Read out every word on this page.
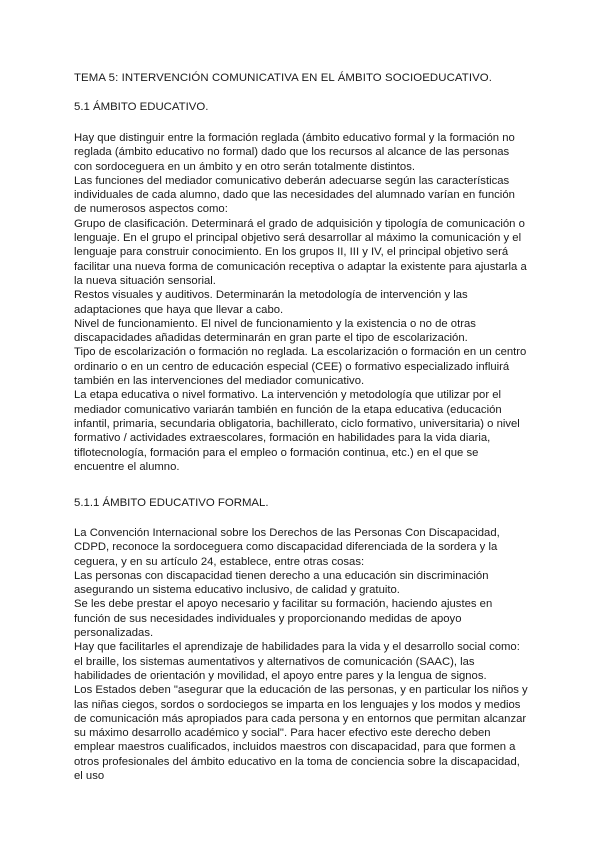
TEMA 5: INTERVENCIÓN COMUNICATIVA EN EL ÁMBITO SOCIOEDUCATIVO.
5.1 ÁMBITO EDUCATIVO.

Hay que distinguir entre la formación reglada (ámbito educativo formal y la formación no reglada (ámbito educativo no formal) dado que los recursos al alcance de las personas con sordoceguera en un ámbito y en otro serán totalmente distintos.

Las funciones del mediador comunicativo deberán adecuarse según las características individuales de cada alumno, dado que las necesidades del alumnado varían en función de numerosos aspectos como:

Grupo de clasificación. Determinará el grado de adquisición y tipología de comunicación o lenguaje. En el grupo el principal objetivo será desarrollar al máximo la comunicación y el lenguaje para construir conocimiento. En los grupos II, III y IV, el principal objetivo será facilitar una nueva forma de comunicación receptiva o adaptar la existente para ajustarla a la nueva situación sensorial.

Restos visuales y auditivos. Determinarán la metodología de intervención y las adaptaciones que haya que llevar a cabo.

Nivel de funcionamiento. El nivel de funcionamiento y la existencia o no de otras discapacidades añadidas determinarán en gran parte el tipo de escolarización.

Tipo de escolarización o formación no reglada. La escolarización o formación en un centro ordinario o en un centro de educación especial (CEE) o formativo especializado influirá también en las intervenciones del mediador comunicativo.

La etapa educativa o nivel formativo. La intervención y metodología que utilizar por el mediador comunicativo variarán también en función de la etapa educativa (educación infantil, primaria, secundaria obligatoria, bachillerato, ciclo formativo, universitaria) o nivel formativo / actividades extraescolares, formación en habilidades para la vida diaria, tiflotecnología, formación para el empleo o formación continua, etc.) en el que se encuentre el alumno.

5.1.1 ÁMBITO EDUCATIVO FORMAL.

La Convención Internacional sobre los Derechos de las Personas Con Discapacidad, CDPD, reconoce la sordoceguera como discapacidad diferenciada de la sordera y la ceguera, y en su artículo 24, establece, entre otras cosas:

Las personas con discapacidad tienen derecho a una educación sin discriminación asegurando un sistema educativo inclusivo, de calidad y gratuito.

Se les debe prestar el apoyo necesario y facilitar su formación, haciendo ajustes en función de sus necesidades individuales y proporcionando medidas de apoyo personalizadas.

Hay que facilitarles el aprendizaje de habilidades para la vida y el desarrollo social como: el braille, los sistemas aumentativos y alternativos de comunicación (SAAC), las habilidades de orientación y movilidad, el apoyo entre pares y la lengua de signos.

Los Estados deben "asegurar que la educación de las personas, y en particular los niños y las niñas ciegos, sordos o sordociegos se imparta en los lenguajes y los modos y medios de comunicación más apropiados para cada persona y en entornos que permitan alcanzar su máximo desarrollo académico y social". Para hacer efectivo este derecho deben emplear maestros cualificados, incluidos maestros con discapacidad, para que formen a otros profesionales del ámbito educativo en la toma de conciencia sobre la discapacidad, el uso
